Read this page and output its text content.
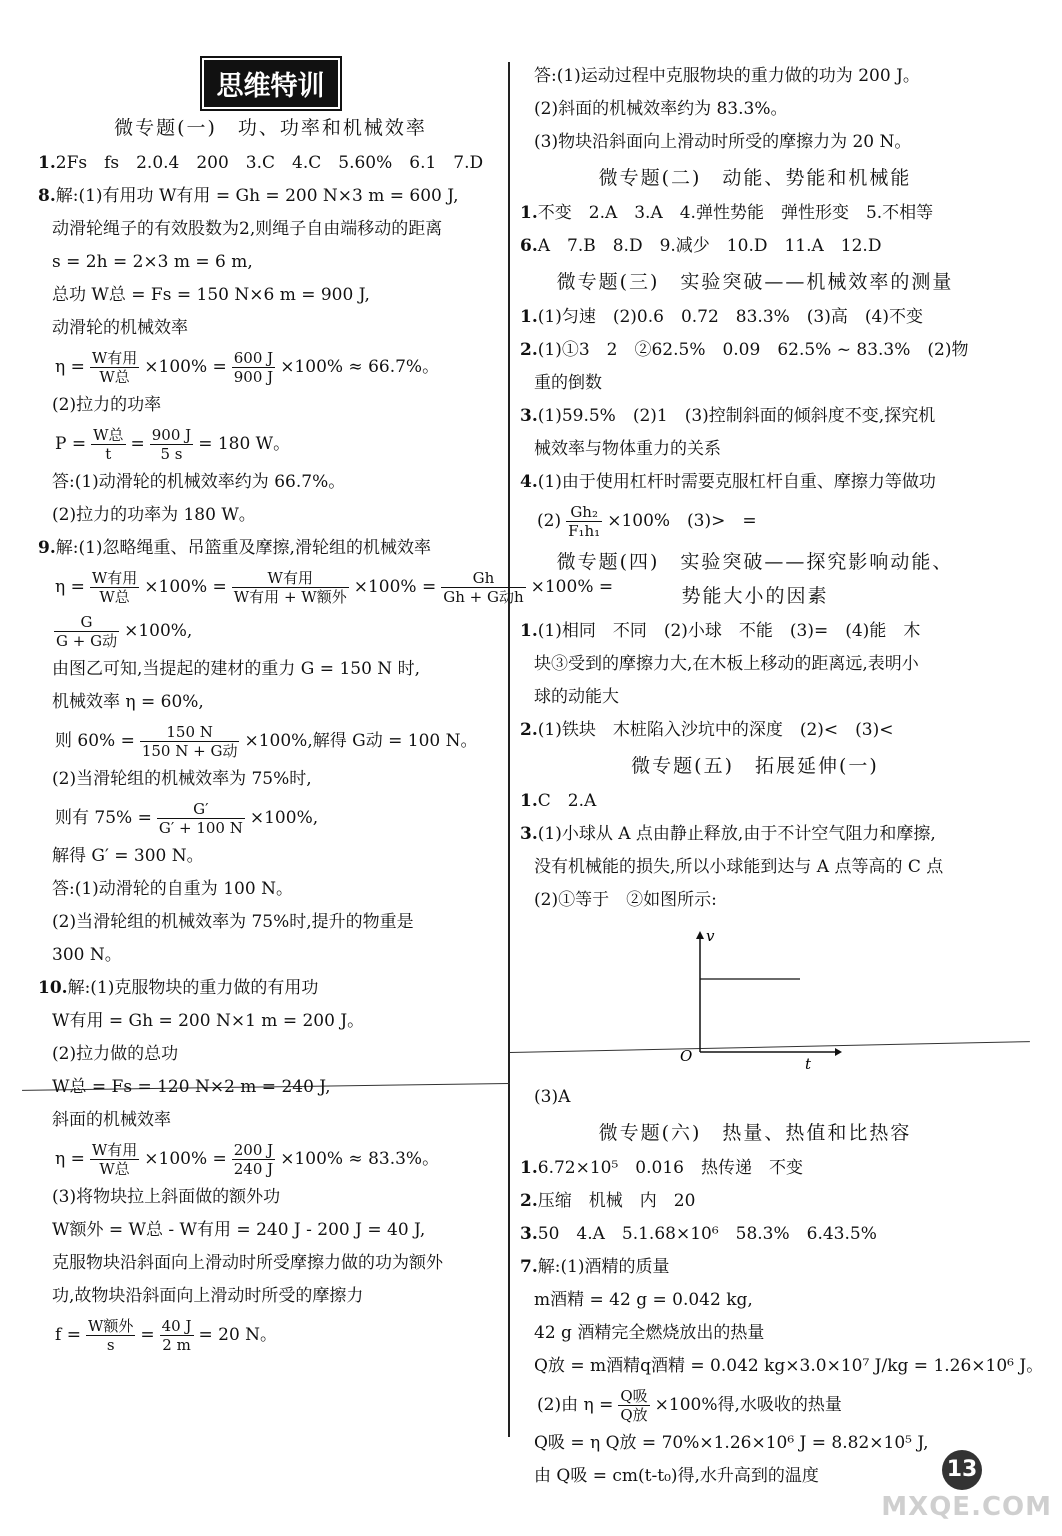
思维特训
微专题(一)　功、功率和机械效率
1.2Fs　fs　2.0.4　200　3.C　4.C　5.60%　6.1　7.D
8.解:(1)有用功 W有用 = Gh = 200 N×3 m = 600 J,
动滑轮绳子的有效股数为2,则绳子自由端移动的距离
s = 2h = 2×3 m = 6 m,
总功 W总 = Fs = 150 N×6 m = 900 J,
动滑轮的机械效率
$\eta = \frac{\text{W有用}}{\text{W总}} \times 100\% = \frac{600 J}{900 J} \times 100\% \approx 66.7\%$。
(2)拉力的功率
$P = \frac{\text{W总}}{t} = \frac{900 J}{5 s} = 180$ W。
答:(1)动滑轮的机械效率约为 66.7%。
(2)拉力的功率为 180 W。
9.解:(1)忽略绳重、吊篮重及摩擦,滑轮组的机械效率
$\eta = \frac{\text{W有用}}{\text{W总}} \times 100\% = \frac{\text{W有用}}{\text{W有用 + W额外}} \times 100\% = \frac{Gh}{\text{Gh + G动h}} \times 100\%$ =
$\frac{G}{\text{G + G动}} \times 100\%$,
由图乙可知,当提起的建材的重力 G = 150 N 时,
机械效率 η = 60%,
则 $60\% = \frac{150 N}{\text{150 N + G动}} \times 100\%$,解得 G动 = 100 N。
(2)当滑轮组的机械效率为 75%时,
则有 $75\% = \frac{G'}{G' + 100 N} \times 100\%$,
解得 G′ = 300 N。
答:(1)动滑轮的自重为 100 N。
(2)当滑轮组的机械效率为 75%时,提升的物重是
300 N。
10.解:(1)克服物块的重力做的有用功
W有用 = Gh = 200 N×1 m = 200 J。
(2)拉力做的总功
W总 = Fs = 120 N×2 m = 240 J,
斜面的机械效率
$\eta = \frac{\text{W有用}}{\text{W总}} \times 100\% = \frac{200 J}{240 J} \times 100\% \approx 83.3\%$。
(3)将物块拉上斜面做的额外功
W额外 = W总 - W有用 = 240 J - 200 J = 40 J,
克服物块沿斜面向上滑动时所受摩擦力做的功为额外
功,故物块沿斜面向上滑动时所受的摩擦力
$f = \frac{\text{W额外}}{s} = \frac{40 J}{2 m} = 20$ N。
答:(1)运动过程中克服物块的重力做的功为 200 J。
(2)斜面的机械效率约为 83.3%。
(3)物块沿斜面向上滑动时所受的摩擦力为 20 N。
微专题(二)　动能、势能和机械能
1.不变　2.A　3.A　4.弹性势能　弹性形变　5.不相等
6.A　7.B　8.D　9.减少　10.D　11.A　12.D
微专题(三)　实验突破——机械效率的测量
1.(1)匀速　(2)0.6　0.72　83.3%　(3)高　(4)不变
2.(1)①3　2　②62.5%　0.09　62.5% ~ 83.3%　(2)物
重的倒数
3.(1)59.5%　(2)1　(3)控制斜面的倾斜度不变,探究机
械效率与物体重力的关系
4.(1)由于使用杠杆时需要克服杠杆自重、摩擦力等做功
$(2) \frac{\text{Gh₂}}{\text{F₁h₁}} \times 100\%$　(3)>　=
微专题(四)　实验突破——探究影响动能、
势能大小的因素
1.(1)相同　不同　(2)小球　不能　(3)=　(4)能　木
块③受到的摩擦力大,在木板上移动的距离远,表明小
球的动能大
2.(1)铁块　木桩陷入沙坑中的深度　(2)<　(3)<
微专题(五)　拓展延伸(一)
1.C　2.A
3.(1)小球从 A 点由静止释放,由于不计空气阻力和摩擦,
没有机械能的损失,所以小球能到达与 A 点等高的 C 点
(2)①等于　②如图所示:
v
t
O
(3)A
微专题(六)　热量、热值和比热容
1.6.72×10⁵　0.016　热传递　不变
2.压缩　机械　内　20
3.50　4.A　5.1.68×10⁶　58.3%　6.43.5%
7.解:(1)酒精的质量
m酒精 = 42 g = 0.042 kg,
42 g 酒精完全燃烧放出的热量
Q放 = m酒精q酒精 = 0.042 kg×3.0×10⁷ J/kg = 1.26×10⁶ J。
(2)由 $\eta = \frac{\text{Q吸}}{\text{Q放}} \times 100\%$得,水吸收的热量
Q吸 = η Q放 = 70%×1.26×10⁶ J = 8.82×10⁵ J,
由 Q吸 = cm(t-t₀)得,水升高到的温度	13
MXQE.COM
